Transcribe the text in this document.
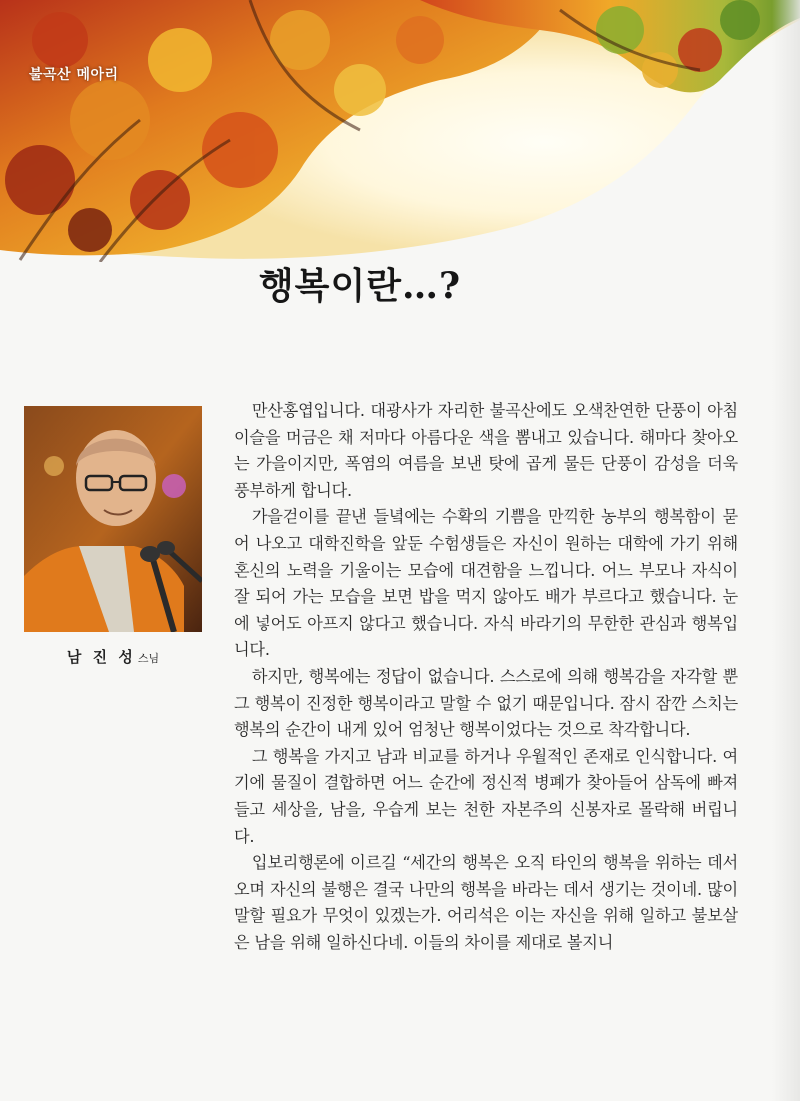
불곡산 메아리
행복이란…?
남 진 성 스님

만산홍엽입니다. 대광사가 자리한 불곡산에도 오색찬연한 단풍이 아침 이슬을 머금은 채 저마다 아름다운 색을 뽐내고 있습니다. 해마다 찾아오는 가을이지만, 폭염의 여름을 보낸 탓에 곱게 물든 단풍이 감성을 더욱 풍부하게 합니다.

가을걷이를 끝낸 들녘에는 수확의 기쁨을 만끽한 농부의 행복함이 묻어 나오고 대학진학을 앞둔 수험생들은 자신이 원하는 대학에 가기 위해 혼신의 노력을 기울이는 모습에 대견함을 느낍니다. 어느 부모나 자식이 잘 되어 가는 모습을 보면 밥을 먹지 않아도 배가 부르다고 했습니다. 눈에 넣어도 아프지 않다고 했습니다. 자식 바라기의 무한한 관심과 행복입니다.

하지만, 행복에는 정답이 없습니다. 스스로에 의해 행복감을 자각할 뿐 그 행복이 진정한 행복이라고 말할 수 없기 때문입니다. 잠시 잠깐 스치는 행복의 순간이 내게 있어 엄청난 행복이었다는 것으로 착각합니다.

그 행복을 가지고 남과 비교를 하거나 우월적인 존재로 인식합니다. 여기에 물질이 결합하면 어느 순간에 정신적 병폐가 찾아들어 삼독에 빠져들고 세상을, 남을, 우습게 보는 천한 자본주의 신봉자로 몰락해 버립니다.

입보리행론에 이르길 “세간의 행복은 오직 타인의 행복을 위하는 데서 오며 자신의 불행은 결국 나만의 행복을 바라는 데서 생기는 것이네. 많이 말할 필요가 무엇이 있겠는가. 어리석은 이는 자신을 위해 일하고 불보살은 남을 위해 일하신다네. 이들의 차이를 제대로 볼지니
